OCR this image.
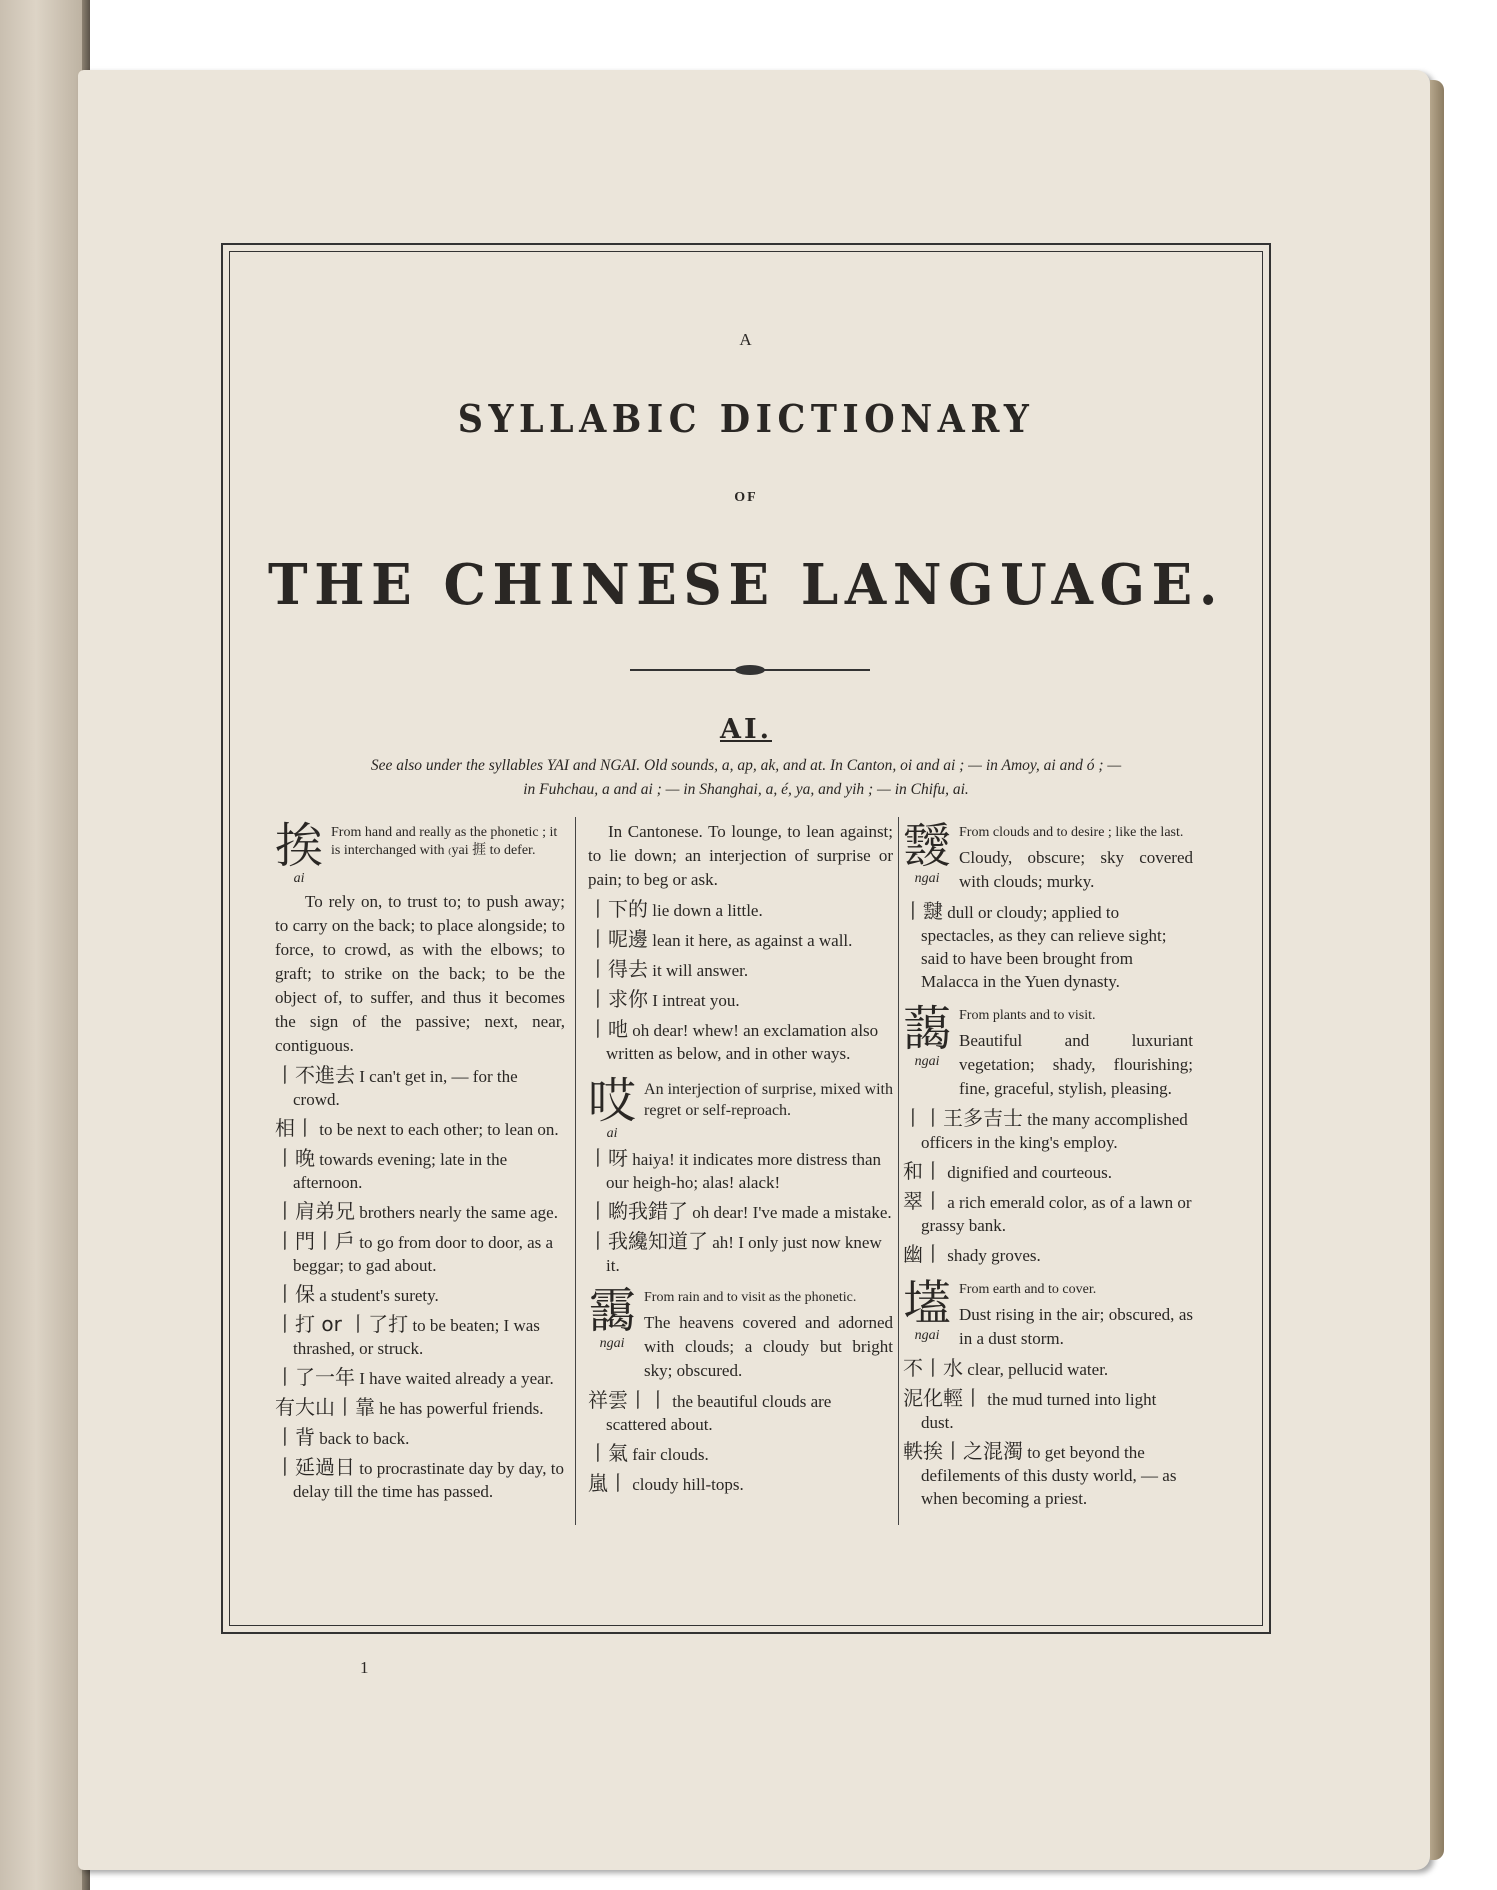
A
SYLLABIC DICTIONARY
OF
THE CHINESE LANGUAGE.
AI.
See also under the syllables YAI and NGAI. Old sounds, a, ap, ak, and at. In Canton, oi and ai ; — in Amoy, ai and ó ; —
in Fuhchau, a and ai ; — in Shanghai, a, é, ya, and yih ; — in Chifu, ai.
挨
ai
From hand and really as the phonetic ; it is interchanged with ₍yai 捱 to defer.

To rely on, to trust to; to push away; to carry on the back; to place alongside; to force, to crowd, as with the elbows; to graft; to strike on the back; to be the object of, to suffer, and thus it becomes the sign of the passive; next, near, contiguous.

丨不進去 I can't get in, — for the crowd.
相丨 to be next to each other; to lean on.
丨晚 towards evening; late in the afternoon.
丨肩弟兄 brothers nearly the same age.
丨門丨戶 to go from door to door, as a beggar; to gad about.
丨保 a student's surety.
丨打 or 丨了打 to be beaten; I was thrashed, or struck.
丨了一年 I have waited already a year.
有大山丨靠 he has powerful friends.
丨背 back to back.
丨延過日 to procrastinate day by day, to delay till the time has passed.

In Cantonese. To lounge, to lean against; to lie down; an interjection of surprise or pain; to beg or ask.

丨下的 lie down a little.
丨呢邊 lean it here, as against a wall.
丨得去 it will answer.
丨求你 I intreat you.
丨吔 oh dear! whew! an exclamation also written as below, and in other ways.
哎
ai
An interjection of surprise, mixed with regret or self-reproach.
丨呀 haiya! it indicates more distress than our heigh-ho; alas! alack!
丨喲我錯了 oh dear! I've made a mistake.
丨我纔知道了 ah! I only just now knew it.
靄
ngai
From rain and to visit as the phonetic.

The heavens covered and adorned with clouds; a cloudy but bright sky; obscured.

祥雲丨丨 the beautiful clouds are scattered about.
丨氣 fair clouds.
嵐丨 cloudy hill-tops.
靉
ngai
From clouds and to desire ; like the last.

Cloudy, obscure; sky covered with clouds; murky.

丨靆 dull or cloudy; applied to spectacles, as they can relieve sight; said to have been brought from Malacca in the Yuen dynasty.
藹
ngai
From plants and to visit.

Beautiful and luxuriant vegetation; shady, flourishing; fine, graceful, stylish, pleasing.

丨丨王多吉士 the many accomplished officers in the king's employ.
和丨 dignified and courteous.
翠丨 a rich emerald color, as of a lawn or grassy bank.
幽丨 shady groves.
壒
ngai
From earth and to cover.

Dust rising in the air; obscured, as in a dust storm.

不丨水 clear, pellucid water.
泥化輕丨 the mud turned into light dust.
軼挨丨之混濁 to get beyond the defilements of this dusty world, — as when becoming a priest.
1
